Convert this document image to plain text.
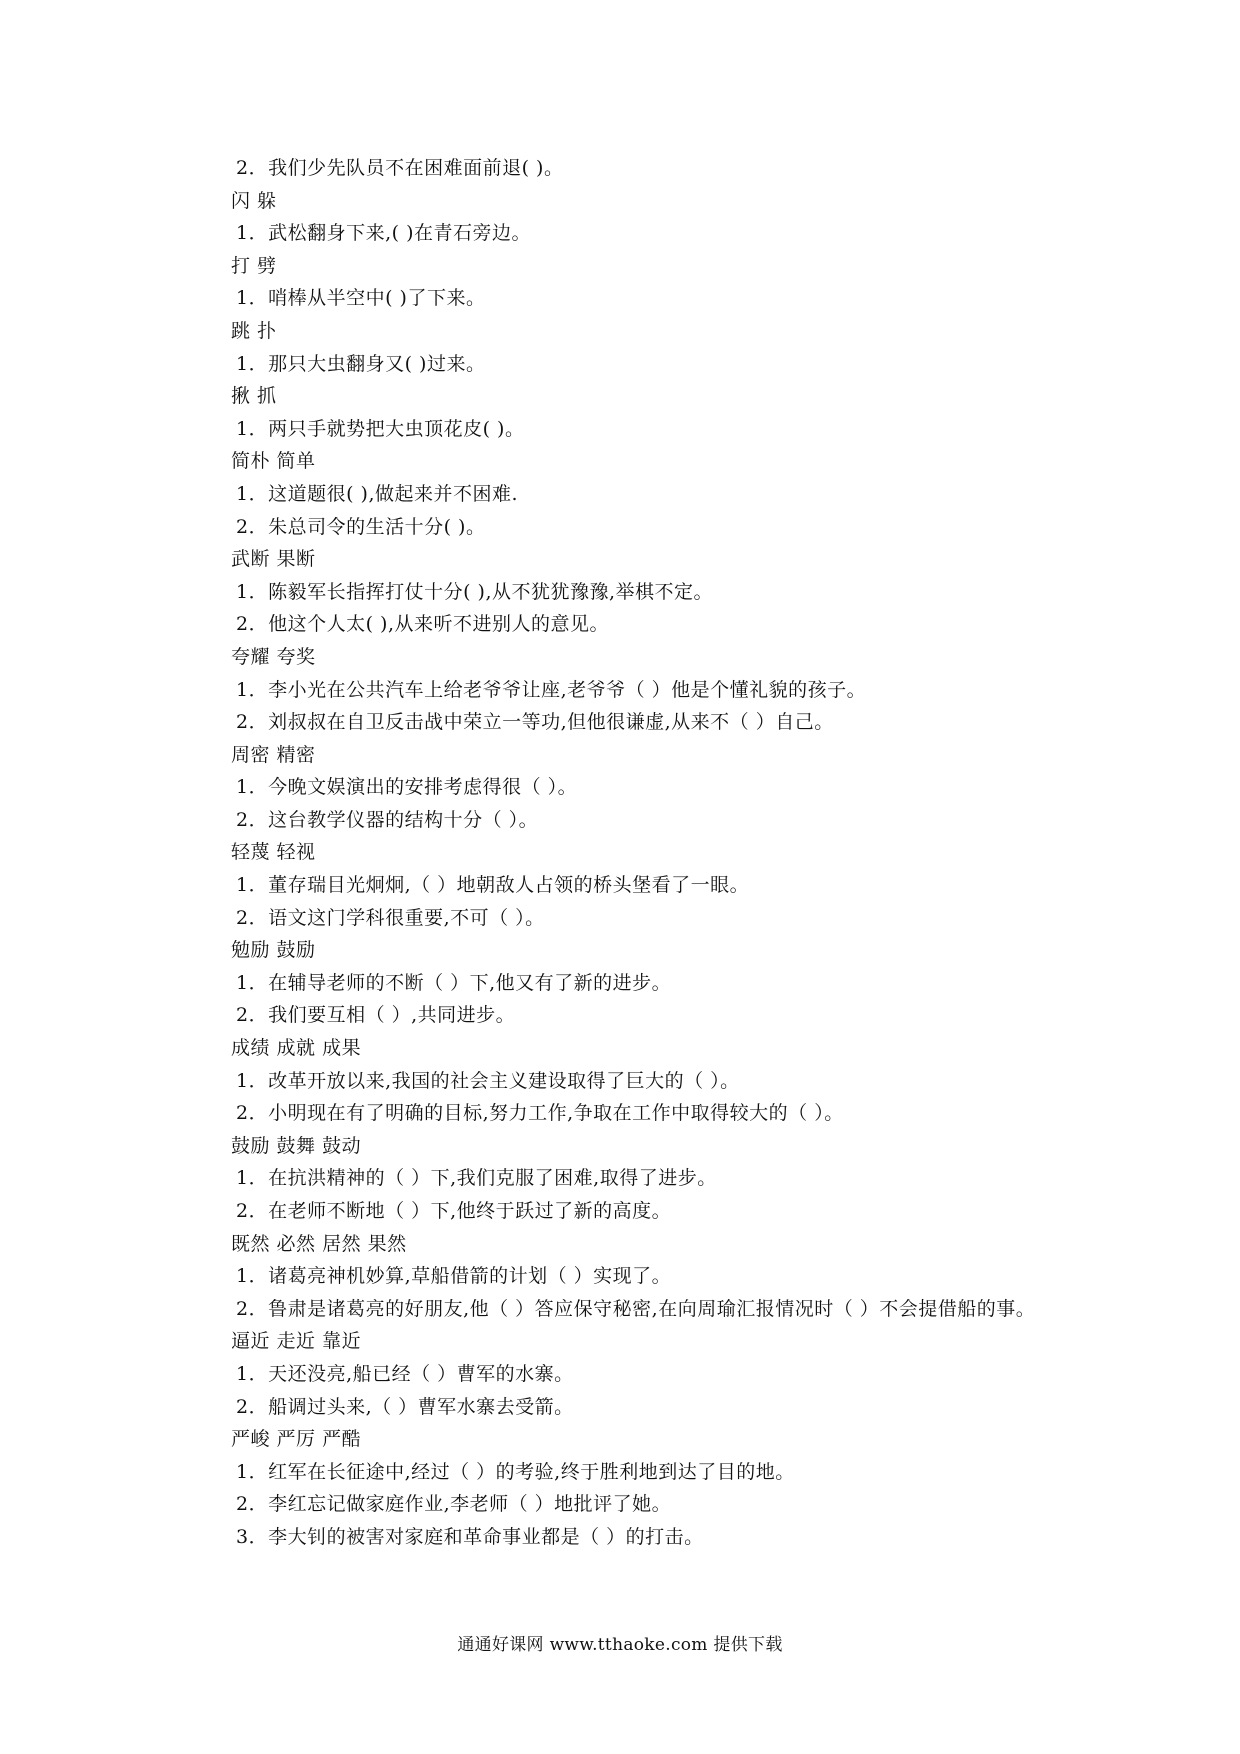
2．我们少先队员不在困难面前退( )。
闪 躲
1．武松翻身下来,( )在青石旁边。
打 劈
1．哨棒从半空中( )了下来。
跳 扑
1．那只大虫翻身又( )过来。
揪 抓
1．两只手就势把大虫顶花皮( )。
简朴 简单
1．这道题很( ),做起来并不困难.
2．朱总司令的生活十分( )。
武断 果断
1．陈毅军长指挥打仗十分( ),从不犹犹豫豫,举棋不定。
2．他这个人太( ),从来听不进别人的意见。
夸耀 夸奖
1．李小光在公共汽车上给老爷爷让座,老爷爷（ ）他是个懂礼貌的孩子。
2．刘叔叔在自卫反击战中荣立一等功,但他很谦虚,从来不（ ）自己。
周密 精密
1．今晚文娱演出的安排考虑得很（ ）。
2．这台教学仪器的结构十分（ ）。
轻蔑 轻视
1．董存瑞目光炯炯,（ ）地朝敌人占领的桥头堡看了一眼。
2．语文这门学科很重要,不可（ ）。
勉励 鼓励
1．在辅导老师的不断（ ）下,他又有了新的进步。
2．我们要互相（ ）,共同进步。
成绩 成就 成果
1．改革开放以来,我国的社会主义建设取得了巨大的（ ）。
2．小明现在有了明确的目标,努力工作,争取在工作中取得较大的（ ）。
鼓励 鼓舞 鼓动
1．在抗洪精神的（ ）下,我们克服了困难,取得了进步。
2．在老师不断地（ ）下,他终于跃过了新的高度。
既然 必然 居然 果然
1．诸葛亮神机妙算,草船借箭的计划（ ）实现了。
2．鲁肃是诸葛亮的好朋友,他（ ）答应保守秘密,在向周瑜汇报情况时（ ）不会提借船的事。
逼近 走近 靠近
1．天还没亮,船已经（ ）曹军的水寨。
2．船调过头来,（ ）曹军水寨去受箭。
严峻 严厉 严酷
1．红军在长征途中,经过（ ）的考验,终于胜利地到达了目的地。
2．李红忘记做家庭作业,李老师（ ）地批评了她。
3．李大钊的被害对家庭和革命事业都是（ ）的打击。
通通好课网 www.tthaoke.com 提供下载
